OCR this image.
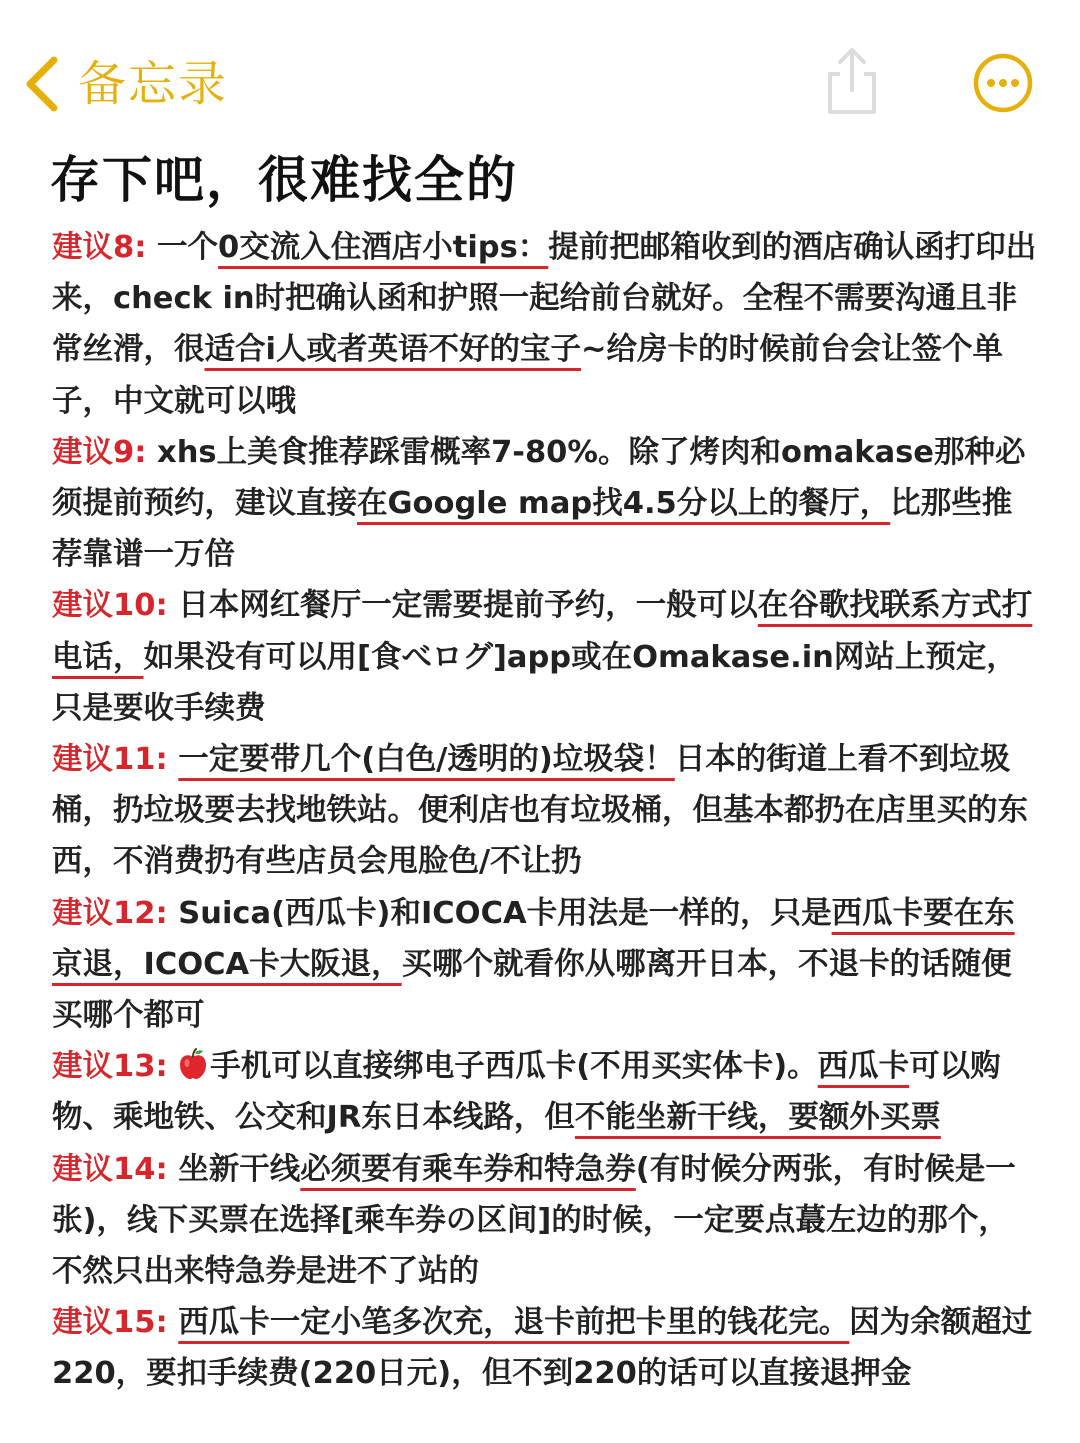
备忘录
存下吧，很难找全的

建议8: 一个0交流入住酒店小tips：提前把邮箱收到的酒店确认函打印出来，check in时把确认函和护照一起给前台就好。全程不需要沟通且非常丝滑，很适合i人或者英语不好的宝子~给房卡的时候前台会让签个单子，中文就可以哦

建议9: xhs上美食推荐踩雷概率7-80%。除了烤肉和omakase那种必须提前预约，建议直接在Google map找4.5分以上的餐厅，比那些推荐靠谱一万倍

建议10: 日本网红餐厅一定需要提前予约，一般可以在谷歌找联系方式打电话，如果没有可以用[食べログ]app或在Omakase.in网站上预定，只是要收手续费

建议11: 一定要带几个(白色/透明的)垃圾袋！日本的街道上看不到垃圾桶，扔垃圾要去找地铁站。便利店也有垃圾桶，但基本都扔在店里买的东西，不消费扔有些店员会甩脸色/不让扔

建议12: Suica(西瓜卡)和ICOCA卡用法是一样的，只是西瓜卡要在东京退，ICOCA卡大阪退，买哪个就看你从哪离开日本，不退卡的话随便买哪个都可

建议13: 手机可以直接绑电子西瓜卡(不用买实体卡)。西瓜卡可以购物、乘地铁、公交和JR东日本线路，但不能坐新干线，要额外买票

建议14: 坐新干线必须要有乘车券和特急券(有时候分两张，有时候是一张)，线下买票在选择[乘车券の区间]的时候，一定要点蕞左边的那个，不然只出来特急券是进不了站的

建议15: 西瓜卡一定小笔多次充，退卡前把卡里的钱花完。因为余额超过220，要扣手续费(220日元)，但不到220的话可以直接退押金
